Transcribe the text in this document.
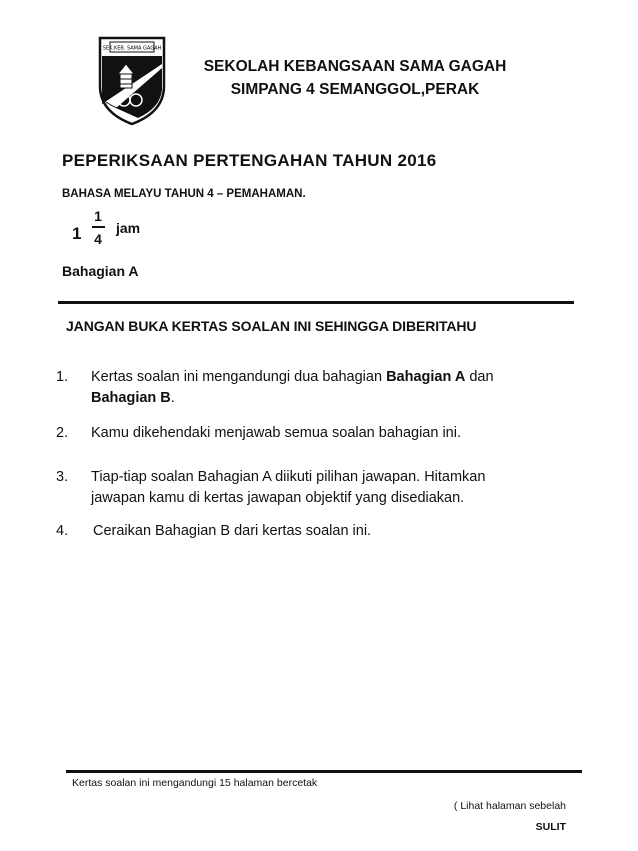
SEK.KEB. SAMA GAGAH
SEKOLAH KEBANGSAAN SAMA GAGAH
SIMPANG 4 SEMANGGOL,PERAK
PEPERIKSAAN PERTENGAHAN TAHUN 2016
BAHASA MELAYU TAHUN 4 – PEMAHAMAN.
1
1
4
jam
Bahagian A
JANGAN BUKA KERTAS SOALAN INI SEHINGGA DIBERITAHU
1. Kertas soalan ini mengandungi dua bahagian Bahagian A dan
Bahagian B.
2. Kamu dikehendaki menjawab semua soalan bahagian ini.
3. Tiap-tiap soalan Bahagian A diikuti pilihan jawapan. Hitamkan
jawapan kamu di kertas jawapan objektif yang disediakan.
4. Ceraikan Bahagian B dari kertas soalan ini.
Kertas soalan ini mengandungi 15 halaman bercetak
( Lihat halaman sebelah
SULIT
